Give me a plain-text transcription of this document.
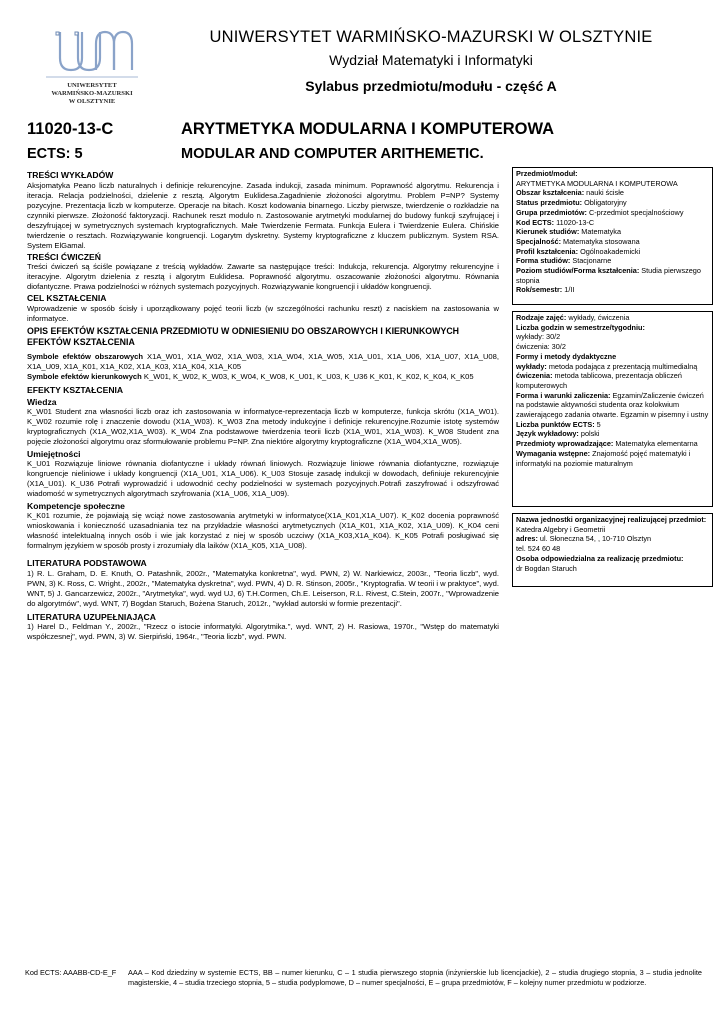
UNIWERSYTET
WARMIŃSKO-MAZURSKI
W OLSZTYNIE
UNIWERSYTET WARMIŃSKO-MAZURSKI W OLSZTYNIE
Wydział Matematyki i Informatyki
Sylabus przedmiotu/modułu - część A
11020-13-C	ARYTMETYKA MODULARNA I KOMPUTEROWA
ECTS: 5	MODULAR AND COMPUTER ARITHEMETIC.
TREŚCI WYKŁADÓW

Aksjomatyka Peano liczb naturalnych i definicje rekurencyjne. Zasada indukcji, zasada minimum. Poprawność algorytmu. Rekurencja i iteracja. Relacja podzielności, dzielenie z resztą. Algorytm Euklidesa.Zagadnienie złożoności algorytmu. Problem P=NP? Systemy pozycyjne. Prezentacja liczb w komputerze. Operacje na bitach. Koszt kodowania binarnego. Liczby pierwsze, twierdzenie o rozkładzie na czynniki pierwsze. Złożoność faktoryzacji. Rachunek reszt modulo n. Zastosowanie arytmetyki modularnej do budowy funkcji szyfrującej i deszyfrującej w symetrycznych systemach kryptograficznych. Małe Twierdzenie Fermata. Funkcja Eulera i Twierdzenie Eulera. Chińskie twierdzenie o resztach. Rozwiązywanie kongruencji. Logarytm dyskretny. Systemy kryptograficzne z kluczem publicznym. System RSA. System ElGamal.

TREŚCI ĆWICZEŃ

Treści ćwiczeń są ściśle powiązane z treścią wykładów. Zawarte sa następujące treści: Indukcja, rekurencja. Algorytmy rekurencyjne i iteracyjne. Algorytm dzielenia z resztą i algorytm Euklidesa. Poprawność algorytmu. oszacowanie złożoności algorytmu. Równania diofantyczne. Prawa podzielności w różnych systemach pozycyjnych. Rozwiązywanie kongruencji i układów kongruencji.

CEL KSZTAŁCENIA

Wprowadzenie w sposób ścisły i uporządkowany pojęć teorii liczb (w szczególności rachunku reszt) z naciskiem na zastosowania w informatyce.

OPIS EFEKTÓW KSZTAŁCENIA PRZEDMIOTU W ODNIESIENIU DO OBSZAROWYCH I KIERUNKOWYCH EFEKTÓW KSZTAŁCENIA

Symbole efektów obszarowych X1A_W01, X1A_W02, X1A_W03, X1A_W04, X1A_W05, X1A_U01, X1A_U06, X1A_U07, X1A_U08, X1A_U09, X1A_K01, X1A_K02, X1A_K03, X1A_K04, X1A_K05

Symbole efektów kierunkowych K_W01, K_W02, K_W03, K_W04, K_W08, K_U01, K_U03, K_U36 K_K01, K_K02, K_K04, K_K05

EFEKTY KSZTAŁCENIA
Wiedza

K_W01 Student zna własności liczb oraz ich zastosowania w informatyce-reprezentacja liczb w komputerze, funkcja skrótu (X1A_W01). K_W02 rozumie rolę i znaczenie dowodu (X1A_W03). K_W03 Zna metody indukcyjne i definicje rekurencyjne.Rozumie istotę systemów kryptograficznych (X1A_W02,X1A_W03). K_W04 Zna podstawowe twierdzenia teorii liczb (X1A_W01, X1A_W03). K_W08 Student zna pojęcie złożoności algorytmu oraz sformułowanie problemu P=NP. Zna niektóre algorytmy kryptograficzne (X1A_W04,X1A_W05).

Umiejętności

K_U01 Rozwiązuje liniowe równania diofantyczne i układy równań liniowych. Rozwiązuje liniowe równania diofantyczne, rozwiązuje kongruencje nieliniowe i układy kongruencji (X1A_U01, X1A_U06). K_U03 Stosuje zasadę indukcji w dowodach, definiuje rekurencyjnie (X1A_U01). K_U36 Potrafi wyprowadzić i udowodnić cechy podzielności w systemach pozycyjnych.Potrafi zaszyfrować i odszyfrować wiadomość w symetrycznych algorytmach szyfrowania (X1A_U06, X1A_U09).

Kompetencje społeczne

K_K01 rozumie, że pojawiają się wciąż nowe zastosowania arytmetyki w informatyce(X1A_K01,X1A_U07). K_K02 docenia poprawność wnioskowania i konieczność uzasadniania tez na przykładzie własności arytmetycznych (X1A_K01, X1A_K02, X1A_U09). K_K04 ceni własność intelektualną innych osób i wie jak korzystać z niej w sposób uczciwy (X1A_K03,X1A_K04). K_K05 Potrafi posługiwać się formalnym językiem w sposób prosty i zrozumiały dla laików (X1A_K05, X1A_U08).

LITERATURA PODSTAWOWA

1) R. L. Graham, D. E. Knuth, O. Patashnik, 2002r., "Matematyka konkretna", wyd. PWN, 2) W. Narkiewicz, 2003r., "Teoria liczb", wyd. PWN, 3) K. Ross, C. Wright., 2002r., "Matematyka dyskretna", wyd. PWN, 4) D. R. Stinson, 2005r., "Kryptografia. W teorii i w praktyce", wyd. WNT, 5) J. Gancarzewicz, 2002r., "Arytmetyka", wyd. wyd UJ, 6) T.H.Cormen, Ch.E. Leiserson, R.L. Rivest, C.Stein, 2007r., "Wprowadzenie do algorytmów", wyd. WNT, 7) Bogdan Staruch, Bożena Staruch, 2012r., "wykład autorski w formie prezentacji".

LITERATURA UZUPEŁNIAJĄCA

1) Harel D., Feldman Y., 2002r., "Rzecz o istocie informatyki. Algorytmika.", wyd. WNT, 2) H. Rasiowa, 1970r., "Wstęp do matematyki współczesnej", wyd. PWN, 3) W. Sierpiński, 1964r., "Teoria liczb", wyd. PWN.

Przedmiot/moduł:
ARYTMETYKA MODULARNA I KOMPUTEROWA
Obszar kształcenia: nauki ścisłe
Status przedmiotu: Obligatoryjny
Grupa przedmiotów: C-przedmiot specjalnościowy
Kod ECTS: 11020-13-C
Kierunek studiów: Matematyka
Specjalność: Matematyka stosowana
Profil kształcenia: Ogólnoakademicki
Forma studiów: Stacjonarne
Poziom studiów/Forma kształcenia: Studia pierwszego stopnia
Rok/semestr: 1/II
Rodzaje zajęć: wykłady, ćwiczenia
Liczba godzin w semestrze/tygodniu:
wykłady: 30/2
ćwiczenia: 30/2
Formy i metody dydaktyczne
wykłady: metoda podająca z prezentacją multimedialną
ćwiczenia: metoda tablicowa, prezentacja obliczeń komputerowych
Forma i warunki zaliczenia: Egzamin/Zaliczenie ćwiczeń na podstawie aktywności studenta oraz kolokwium zawierającego zadania otwarte. Egzamin w pisemny i ustny
Liczba punktów ECTS: 5
Język wykładowy: polski
Przedmioty wprowadzające: Matematyka elementarna
Wymagania wstępne: Znajomość pojęć matematyki i informatyki na poziomie maturalnym
Nazwa jednostki organizacyjnej realizującej przedmiot:
Katedra Algebry i Geometrii
adres: ul. Słoneczna 54, , 10-710 Olsztyn
tel. 524 60 48
Osoba odpowiedzialna za realizację przedmiotu:
dr Bogdan Staruch
Kod ECTS: AAABB-CD-E_F AAA – Kod dziedziny w systemie ECTS, BB – numer kierunku, C – 1 studia pierwszego stopnia (inżynierskie lub licencjackie), 2 – studia drugiego stopnia, 3 – studia jednolite magisterskie, 4 – studia trzeciego stopnia, 5 – studia podyplomowe, D – numer specjalności, E – grupa przedmiotów, F – kolejny numer przedmiotu w podziorze.
